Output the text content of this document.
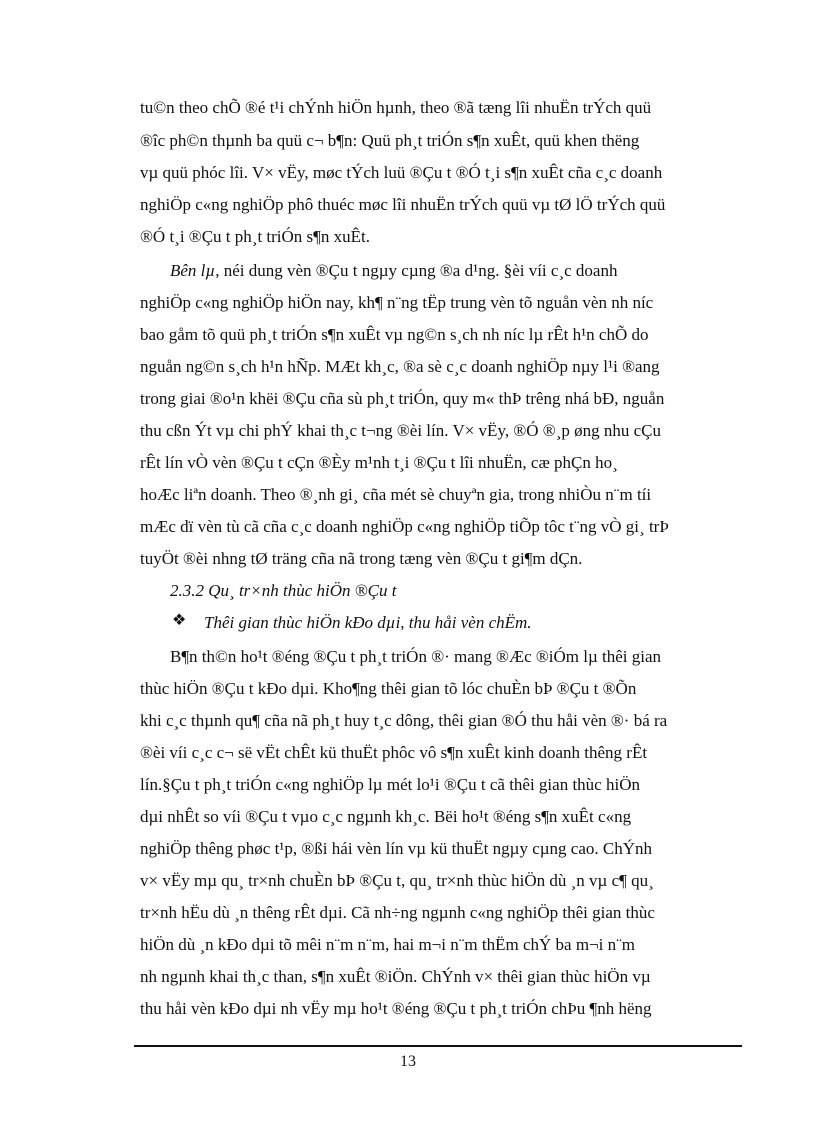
tu©n theo chÕ ®é t¹i chÝnh hiÖn hµnh, theo ®ã tæng lîi nhuËn trÝch quü
®îc ph©n thµnh ba quü c¬ b¶n: Quü ph¸t triÓn s¶n xuÊt, quü khen thëng
vµ quü phóc lîi. V× vËy, møc tÝch luü ®Çu t ®Ó t¸i s¶n xuÊt cña c¸c doanh
nghiÖp c«ng nghiÖp phô thuéc møc lîi nhuËn trÝch quü vµ tØ lÖ trÝch quü
®Ó t¸i ®Çu t ph¸t triÓn s¶n xuÊt.
Bên lµ, néi dung vèn ®Çu t ngµy cµng ®a d¹ng. §èi víi c¸c doanh
nghiÖp c«ng nghiÖp hiÖn nay, kh¶ n¨ng tËp trung vèn tõ nguån vèn nh níc
bao gåm tõ quü ph¸t triÓn s¶n xuÊt vµ ng©n s¸ch nh níc lµ rÊt h¹n chÕ do
nguån ng©n s¸ch h¹n hÑp. MÆt kh¸c, ®a sè c¸c doanh nghiÖp nµy l¹i ®ang
trong giai ®o¹n khëi ®Çu cña sù ph¸t triÓn, quy m« thÞ trêng nhá bÐ, nguån
thu cßn Ýt vµ chi phÝ khai th¸c t¬ng ®èi lín. V× vËy, ®Ó ®¸p øng nhu cÇu
rÊt lín vÒ vèn ®Çu t cÇn ®Èy m¹nh t¸i ®Çu t lîi nhuËn, cæ phÇn ho¸
hoÆc liªn doanh. Theo ®¸nh gi¸ cña mét sè chuyªn gia, trong nhiÒu n¨m tíi
mÆc dï vèn tù cã cña c¸c doanh nghiÖp c«ng nghiÖp tiÕp tôc t¨ng vÒ gi¸ trÞ
tuyÖt ®èi nhng tØ träng cña nã trong tæng vèn ®Çu t gi¶m dÇn.
2.3.2 Qu¸ tr×nh thùc hiÖn ®Çu t
❖ Thêi gian thùc hiÖn kÐo dµi, thu håi vèn chËm.
B¶n th©n ho¹t ®éng ®Çu t ph¸t triÓn ®· mang ®Æc ®iÓm lµ thêi gian
thùc hiÖn ®Çu t kÐo dµi. Kho¶ng thêi gian tõ lóc chuÈn bÞ ®Çu t ®Õn
khi c¸c thµnh qu¶ cña nã ph¸t huy t¸c dông, thêi gian ®Ó thu håi vèn ®· bá ra
®èi víi c¸c c¬ së vËt chÊt kü thuËt phôc vô s¶n xuÊt kinh doanh thêng rÊt
lín.§Çu t ph¸t triÓn c«ng nghiÖp lµ mét lo¹i ®Çu t cã thêi gian thùc hiÖn
dµi nhÊt so víi ®Çu t vµo c¸c ngµnh kh¸c. Bëi ho¹t ®éng s¶n xuÊt c«ng
nghiÖp thêng phøc t¹p, ®ßi hái vèn lín vµ kü thuËt ngµy cµng cao. ChÝnh
v× vËy mµ qu¸ tr×nh chuÈn bÞ ®Çu t, qu¸ tr×nh thùc hiÖn dù ¸n vµ c¶ qu¸
tr×nh hËu dù ¸n thêng rÊt dµi. Cã nh÷ng ngµnh c«ng nghiÖp thêi gian thùc
hiÖn dù ¸n kÐo dµi tõ mêi n¨m n¨m, hai m¬i n¨m thËm chÝ ba m¬i n¨m
nh ngµnh khai th¸c than, s¶n xuÊt ®iÖn. ChÝnh v× thêi gian thùc hiÖn vµ
thu håi vèn kÐo dµi nh vËy mµ ho¹t ®éng ®Çu t ph¸t triÓn chÞu ¶nh hëng
13
